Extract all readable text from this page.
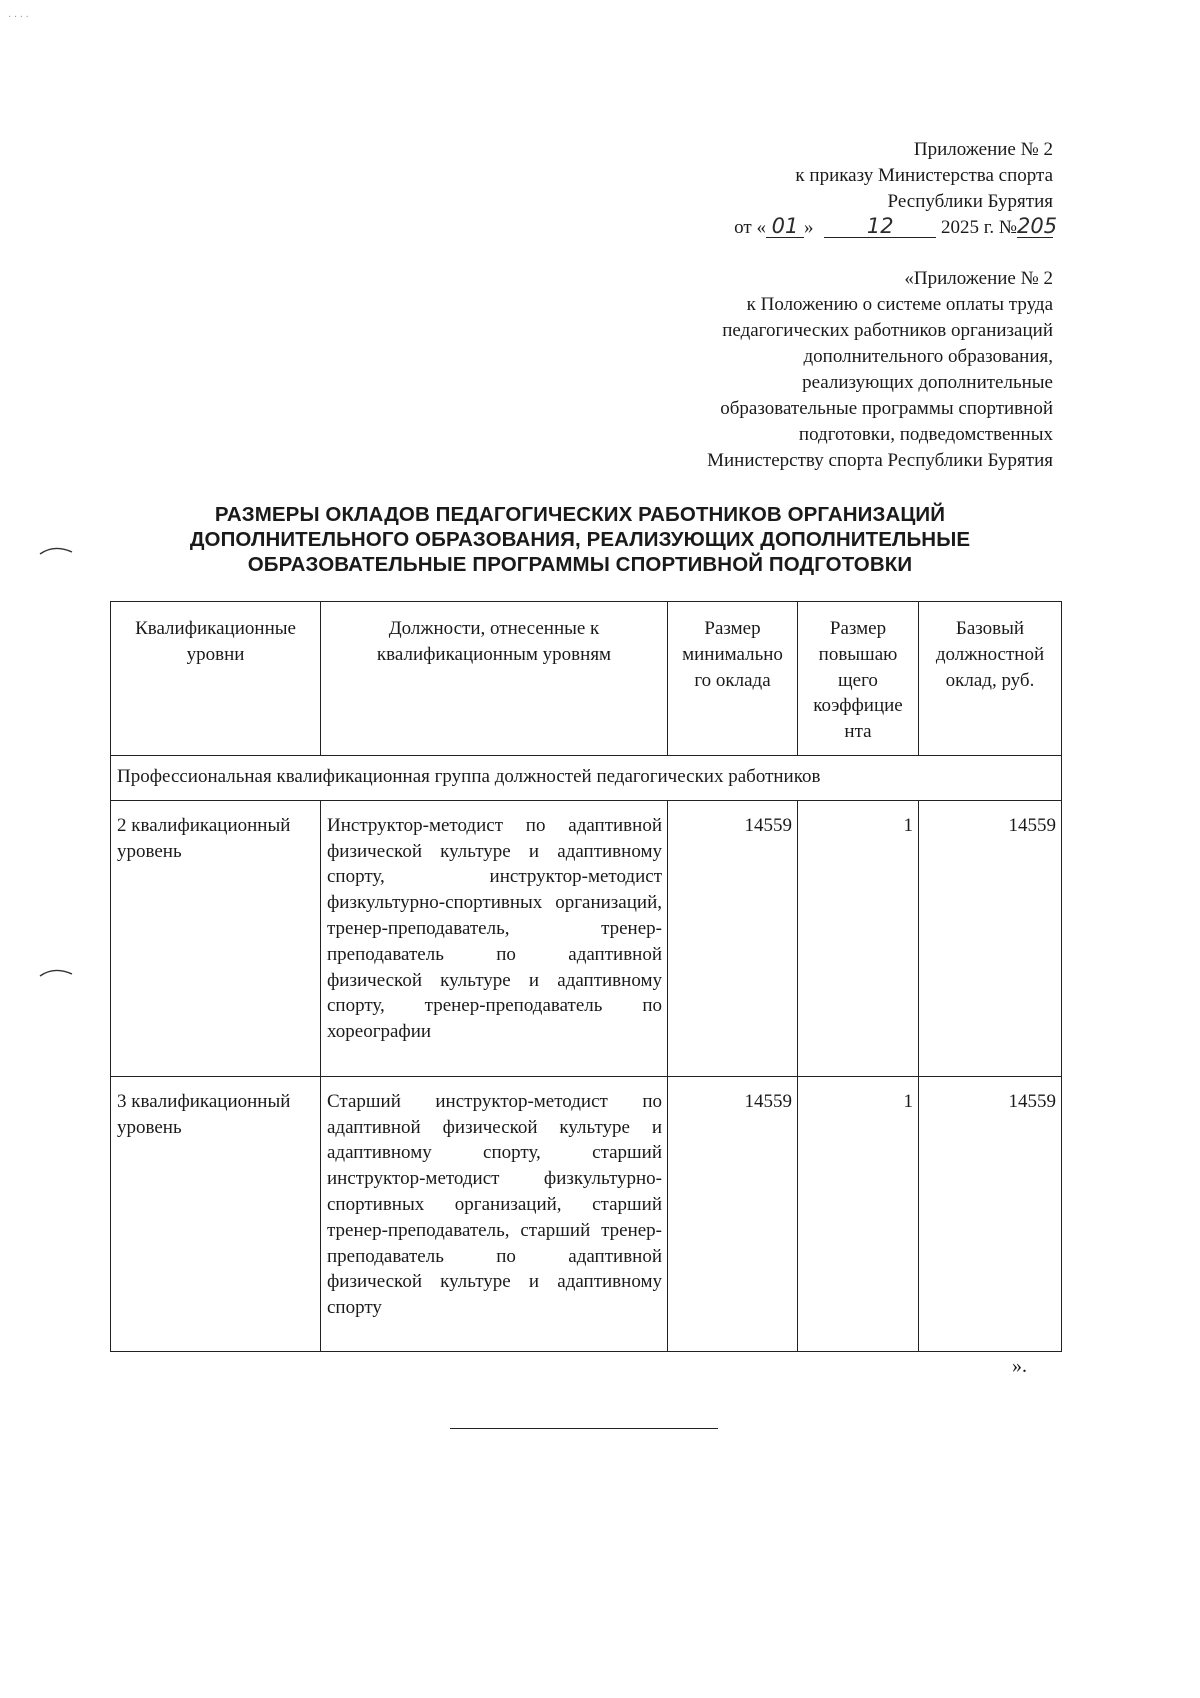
· · · ·
Приложение № 2
к приказу Министерства спорта
Республики Бурятия
от « 01 »	12 2025 г. №205
«Приложение № 2
к Положению о системе оплаты труда
педагогических работников организаций
дополнительного образования,
реализующих дополнительные
образовательные программы спортивной
подготовки, подведомственных
Министерству спорта Республики Бурятия
РАЗМЕРЫ ОКЛАДОВ ПЕДАГОГИЧЕСКИХ РАБОТНИКОВ ОРГАНИЗАЦИЙ
ДОПОЛНИТЕЛЬНОГО ОБРАЗОВАНИЯ, РЕАЛИЗУЮЩИХ ДОПОЛНИТЕЛЬНЫЕ
ОБРАЗОВАТЕЛЬНЫЕ ПРОГРАММЫ СПОРТИВНОЙ ПОДГОТОВКИ
Квалификационные уровни	Должности, отнесенные к квалификационным уровням	Размер минимально го оклада	Размер повышаю щего коэффицие нта	Базовый должностной оклад, руб.
Профессиональная квалификационная группа должностей педагогических работников				
2 квалификационный уровень	Инструктор-методист по адаптивной физической культуре и адаптивному спорту, инструктор-методист физкультурно-спортивных организаций, тренер-преподаватель, тренер-преподаватель по адаптивной физической культуре и адаптивному спорту, тренер-преподаватель по хореографии	14559	1	14559
3 квалификационный уровень	Старший инструктор-методист по адаптивной физической культуре и адаптивному спорту, старший инструктор-методист физкультурно-спортивных организаций, старший тренер-преподаватель, старший тренер-преподаватель по адаптивной физической культуре и адаптивному спорту	14559	1	14559
».
